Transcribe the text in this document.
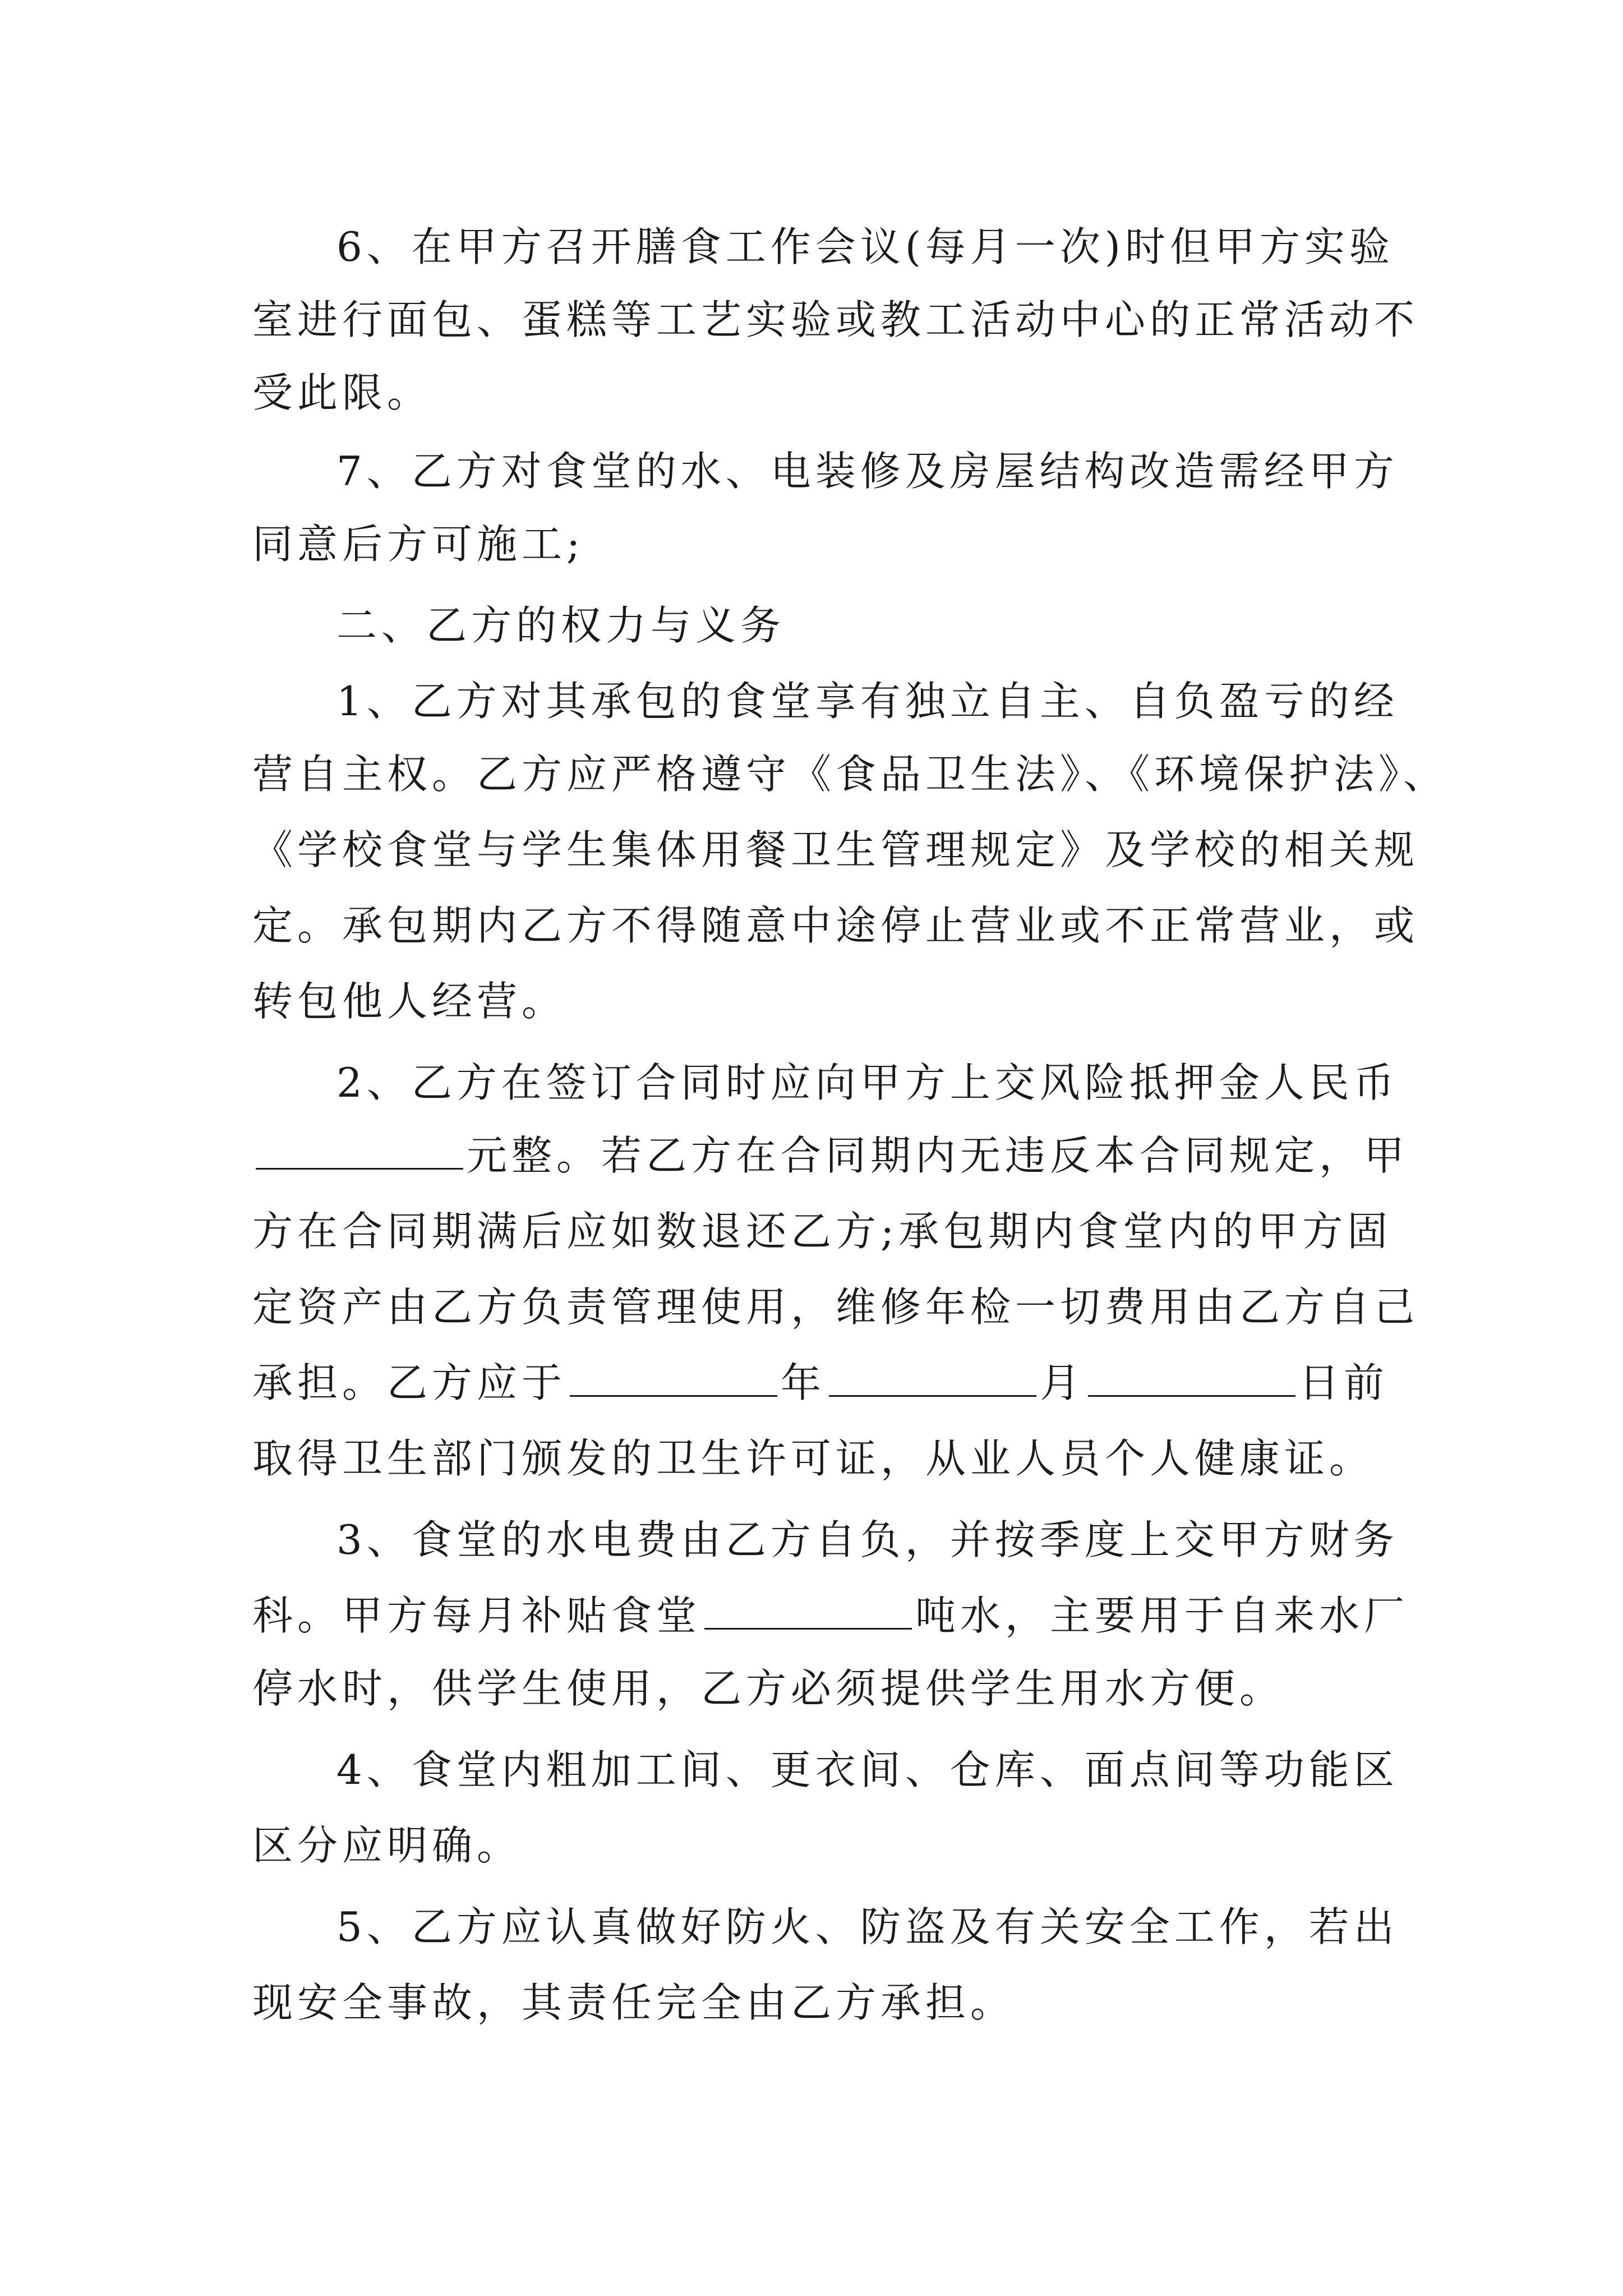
6、在甲方召开膳食工作会议(每月一次)时但甲方实验
室进行面包、蛋糕等工艺实验或教工活动中心的正常活动不
受此限。
7、乙方对食堂的水、电装修及房屋结构改造需经甲方
同意后方可施工;
二、乙方的权力与义务
1、乙方对其承包的食堂享有独立自主、自负盈亏的经
营自主权。乙方应严格遵守《食品卫生法》、《环境保护法》、
《学校食堂与学生集体用餐卫生管理规定》及学校的相关规
定。承包期内乙方不得随意中途停止营业或不正常营业，或
转包他人经营。
2、乙方在签订合同时应向甲方上交风险抵押金人民币
元整。若乙方在合同期内无违反本合同规定，甲
方在合同期满后应如数退还乙方;承包期内食堂内的甲方固
定资产由乙方负责管理使用，维修年检一切费用由乙方自己
承担。乙方应于	年	月	日前
取得卫生部门颁发的卫生许可证，从业人员个人健康证。
3、食堂的水电费由乙方自负，并按季度上交甲方财务
科。甲方每月补贴食堂	吨水，主要用于自来水厂
停水时，供学生使用，乙方必须提供学生用水方便。
4、食堂内粗加工间、更衣间、仓库、面点间等功能区
区分应明确。
5、乙方应认真做好防火、防盗及有关安全工作，若出
现安全事故，其责任完全由乙方承担。
